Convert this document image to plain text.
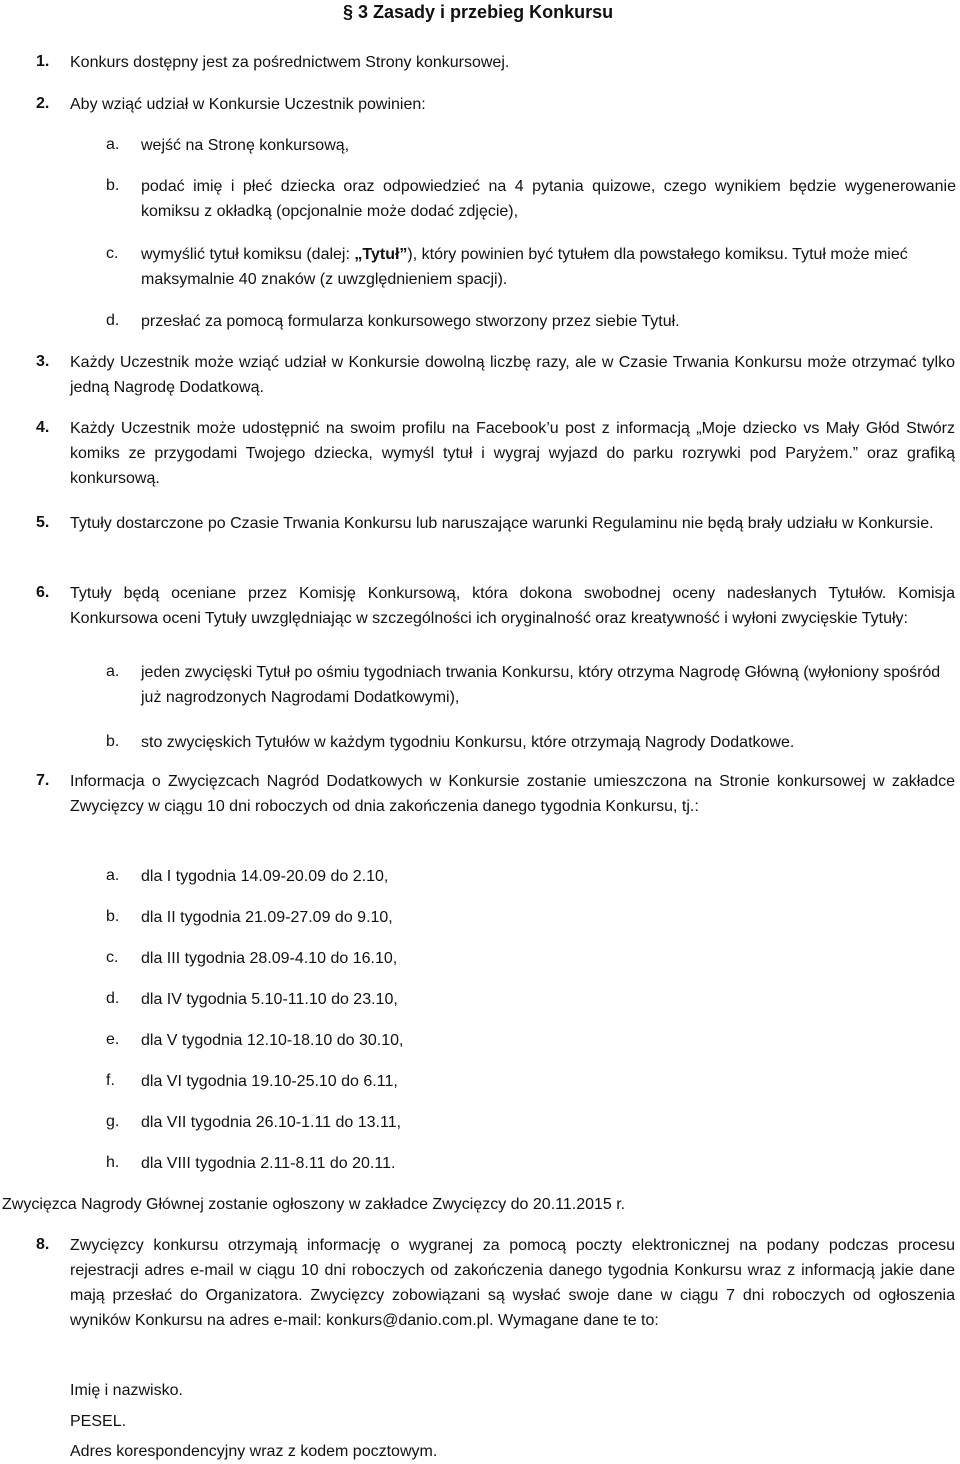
§ 3 Zasady i przebieg Konkursu
1. Konkurs dostępny jest za pośrednictwem Strony konkursowej.
2. Aby wziąć udział w Konkursie Uczestnik powinien:
a. wejść na Stronę konkursową,
b. podać imię i płeć dziecka oraz odpowiedzieć na 4 pytania quizowe, czego wynikiem będzie wygenerowanie komiksu z okładką (opcjonalnie może dodać zdjęcie),
c. wymyślić tytuł komiksu (dalej: „Tytuł”), który powinien być tytułem dla powstałego komiksu. Tytuł może mieć maksymalnie 40 znaków (z uwzględnieniem spacji).
d. przesłać za pomocą formularza konkursowego stworzony przez siebie Tytuł.
3. Każdy Uczestnik może wziąć udział w Konkursie dowolną liczbę razy, ale w Czasie Trwania Konkursu może otrzymać tylko jedną Nagrodę Dodatkową.
4. Każdy Uczestnik może udostępnić na swoim profilu na Facebook’u post z informacją „Moje dziecko vs Mały Głód Stwórz komiks ze przygodami Twojego dziecka, wymyśl tytuł i wygraj wyjazd do parku rozrywki pod Paryżem.” oraz grafiką konkursową.
5. Tytuły dostarczone po Czasie Trwania Konkursu lub naruszające warunki Regulaminu nie będą brały udziału w Konkursie.
6. Tytuły będą oceniane przez Komisję Konkursową, która dokona swobodnej oceny nadesłanych Tytułów. Komisja Konkursowa oceni Tytuły uwzględniając w szczególności ich oryginalność oraz kreatywność i wyłoni zwycięskie Tytuły:
a. jeden zwycięski Tytuł po ośmiu tygodniach trwania Konkursu, który otrzyma Nagrodę Główną (wyłoniony spośród już nagrodzonych Nagrodami Dodatkowymi),
b. sto zwycięskich Tytułów w każdym tygodniu Konkursu, które otrzymają Nagrody Dodatkowe.
7. Informacja o Zwycięzcach Nagród Dodatkowych w Konkursie zostanie umieszczona na Stronie konkursowej w zakładce Zwycięzcy w ciągu 10 dni roboczych od dnia zakończenia danego tygodnia Konkursu, tj.:
a. dla I tygodnia 14.09-20.09 do 2.10,
b. dla II tygodnia 21.09-27.09 do 9.10,
c. dla III tygodnia 28.09-4.10 do 16.10,
d. dla IV tygodnia 5.10-11.10 do 23.10,
e. dla V tygodnia 12.10-18.10 do 30.10,
f. dla VI tygodnia 19.10-25.10 do 6.11,
g. dla VII tygodnia 26.10-1.11 do 13.11,
h. dla VIII tygodnia 2.11-8.11 do 20.11.
Zwycięzca Nagrody Głównej zostanie ogłoszony w zakładce Zwycięzcy do 20.11.2015 r.
8. Zwycięzcy konkursu otrzymają informację o wygranej za pomocą poczty elektronicznej na podany podczas procesu rejestracji adres e-mail w ciągu 10 dni roboczych od zakończenia danego tygodnia Konkursu wraz z informacją jakie dane mają przesłać do Organizatora. Zwycięzcy zobowiązani są wysłać swoje dane w ciągu 7 dni roboczych od ogłoszenia wyników Konkursu na adres e-mail: konkurs@danio.com.pl. Wymagane dane te to:
Imię i nazwisko.
PESEL.
Adres korespondencyjny wraz z kodem pocztowym.
